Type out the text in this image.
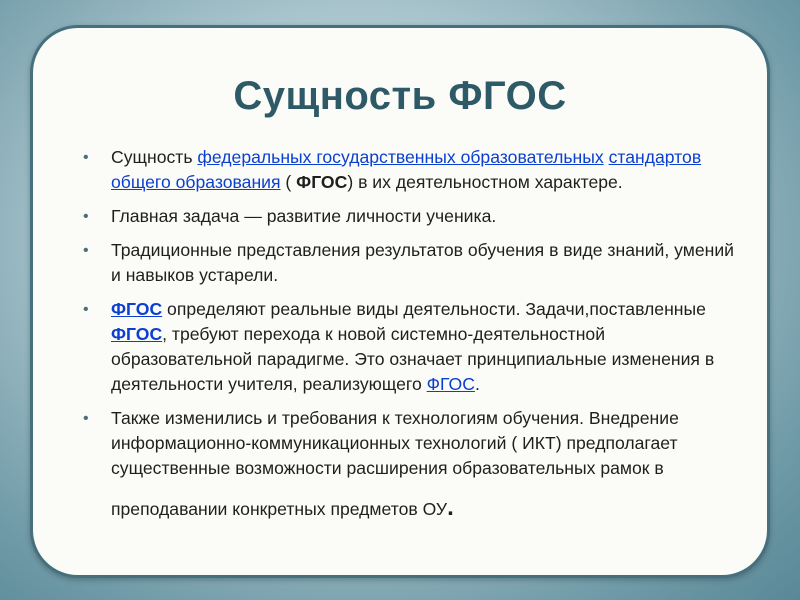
Сущность ФГОС
• Сущность федеральных государственных образовательных стандартов общего образования ( ФГОС) в их деятельностном характере.
• Главная задача — развитие личности ученика.
• Традиционные представления результатов обучения в виде знаний, умений и навыков устарели.
• ФГОС определяют реальные виды деятельности. Задачи,поставленные ФГОС, требуют перехода к новой системно-деятельностной образовательной парадигме. Это означает принципиальные изменения в деятельности учителя, реализующего ФГОС.
• Также изменились и требования к технологиям обучения. Внедрение информационно-коммуникационных технологий ( ИКТ) предполагает существенные возможности расширения образовательных рамок в
преподавании конкретных предметов ОУ.
